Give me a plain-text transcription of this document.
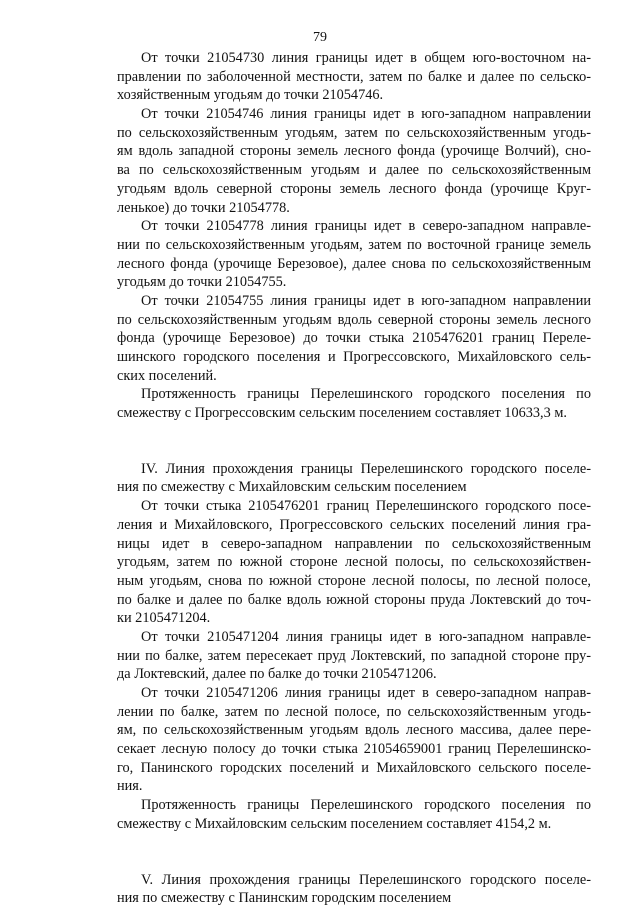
79
От точки 21054730 линия границы идет в общем юго-восточном на-
правлении по заболоченной местности, затем по балке и далее по сельско-
хозяйственным угодьям до точки 21054746.
От точки 21054746 линия границы идет в юго-западном направлении
по сельскохозяйственным угодьям, затем по сельскохозяйственным угодь-
ям вдоль западной стороны земель лесного фонда (урочище Волчий), сно-
ва по сельскохозяйственным угодьям и далее по сельскохозяйственным
угодьям вдоль северной стороны земель лесного фонда (урочище Круг-
ленькое) до точки 21054778.
От точки 21054778 линия границы идет в северо-западном направле-
нии по сельскохозяйственным угодьям, затем по восточной границе земель
лесного фонда (урочище Березовое), далее снова по сельскохозяйственным
угодьям до точки 21054755.
От точки 21054755 линия границы идет в юго-западном направлении
по сельскохозяйственным угодьям вдоль северной стороны земель лесного
фонда (урочище Березовое) до точки стыка 2105476201 границ Переле-
шинского городского поселения и Прогрессовского, Михайловского сель-
ских поселений.
Протяженность границы Перелешинского городского поселения по
смежеству с Прогрессовским сельским поселением составляет 10633,3 м.
IV. Линия прохождения границы Перелешинского городского поселе-
ния по смежеству с Михайловским сельским поселением
От точки стыка 2105476201 границ Перелешинского городского посе-
ления и Михайловского, Прогрессовского сельских поселений линия гра-
ницы идет в северо-западном направлении по сельскохозяйственным
угодьям, затем по южной стороне лесной полосы, по сельскохозяйствен-
ным угодьям, снова по южной стороне лесной полосы, по лесной полосе,
по балке и далее по балке вдоль южной стороны пруда Локтевский до точ-
ки 2105471204.
От точки 2105471204 линия границы идет в юго-западном направле-
нии по балке, затем пересекает пруд Локтевский, по западной стороне пру-
да Локтевский, далее по балке до точки 2105471206.
От точки 2105471206 линия границы идет в северо-западном направ-
лении по балке, затем по лесной полосе, по сельскохозяйственным угодь-
ям, по сельскохозяйственным угодьям вдоль лесного массива, далее пере-
секает лесную полосу до точки стыка 21054659001 границ Перелешинско-
го, Панинского городских поселений и Михайловского сельского поселе-
ния.
Протяженность границы Перелешинского городского поселения по
смежеству с Михайловским сельским поселением составляет 4154,2 м.
V. Линия прохождения границы Перелешинского городского поселе-
ния по смежеству с Панинским городским поселением
